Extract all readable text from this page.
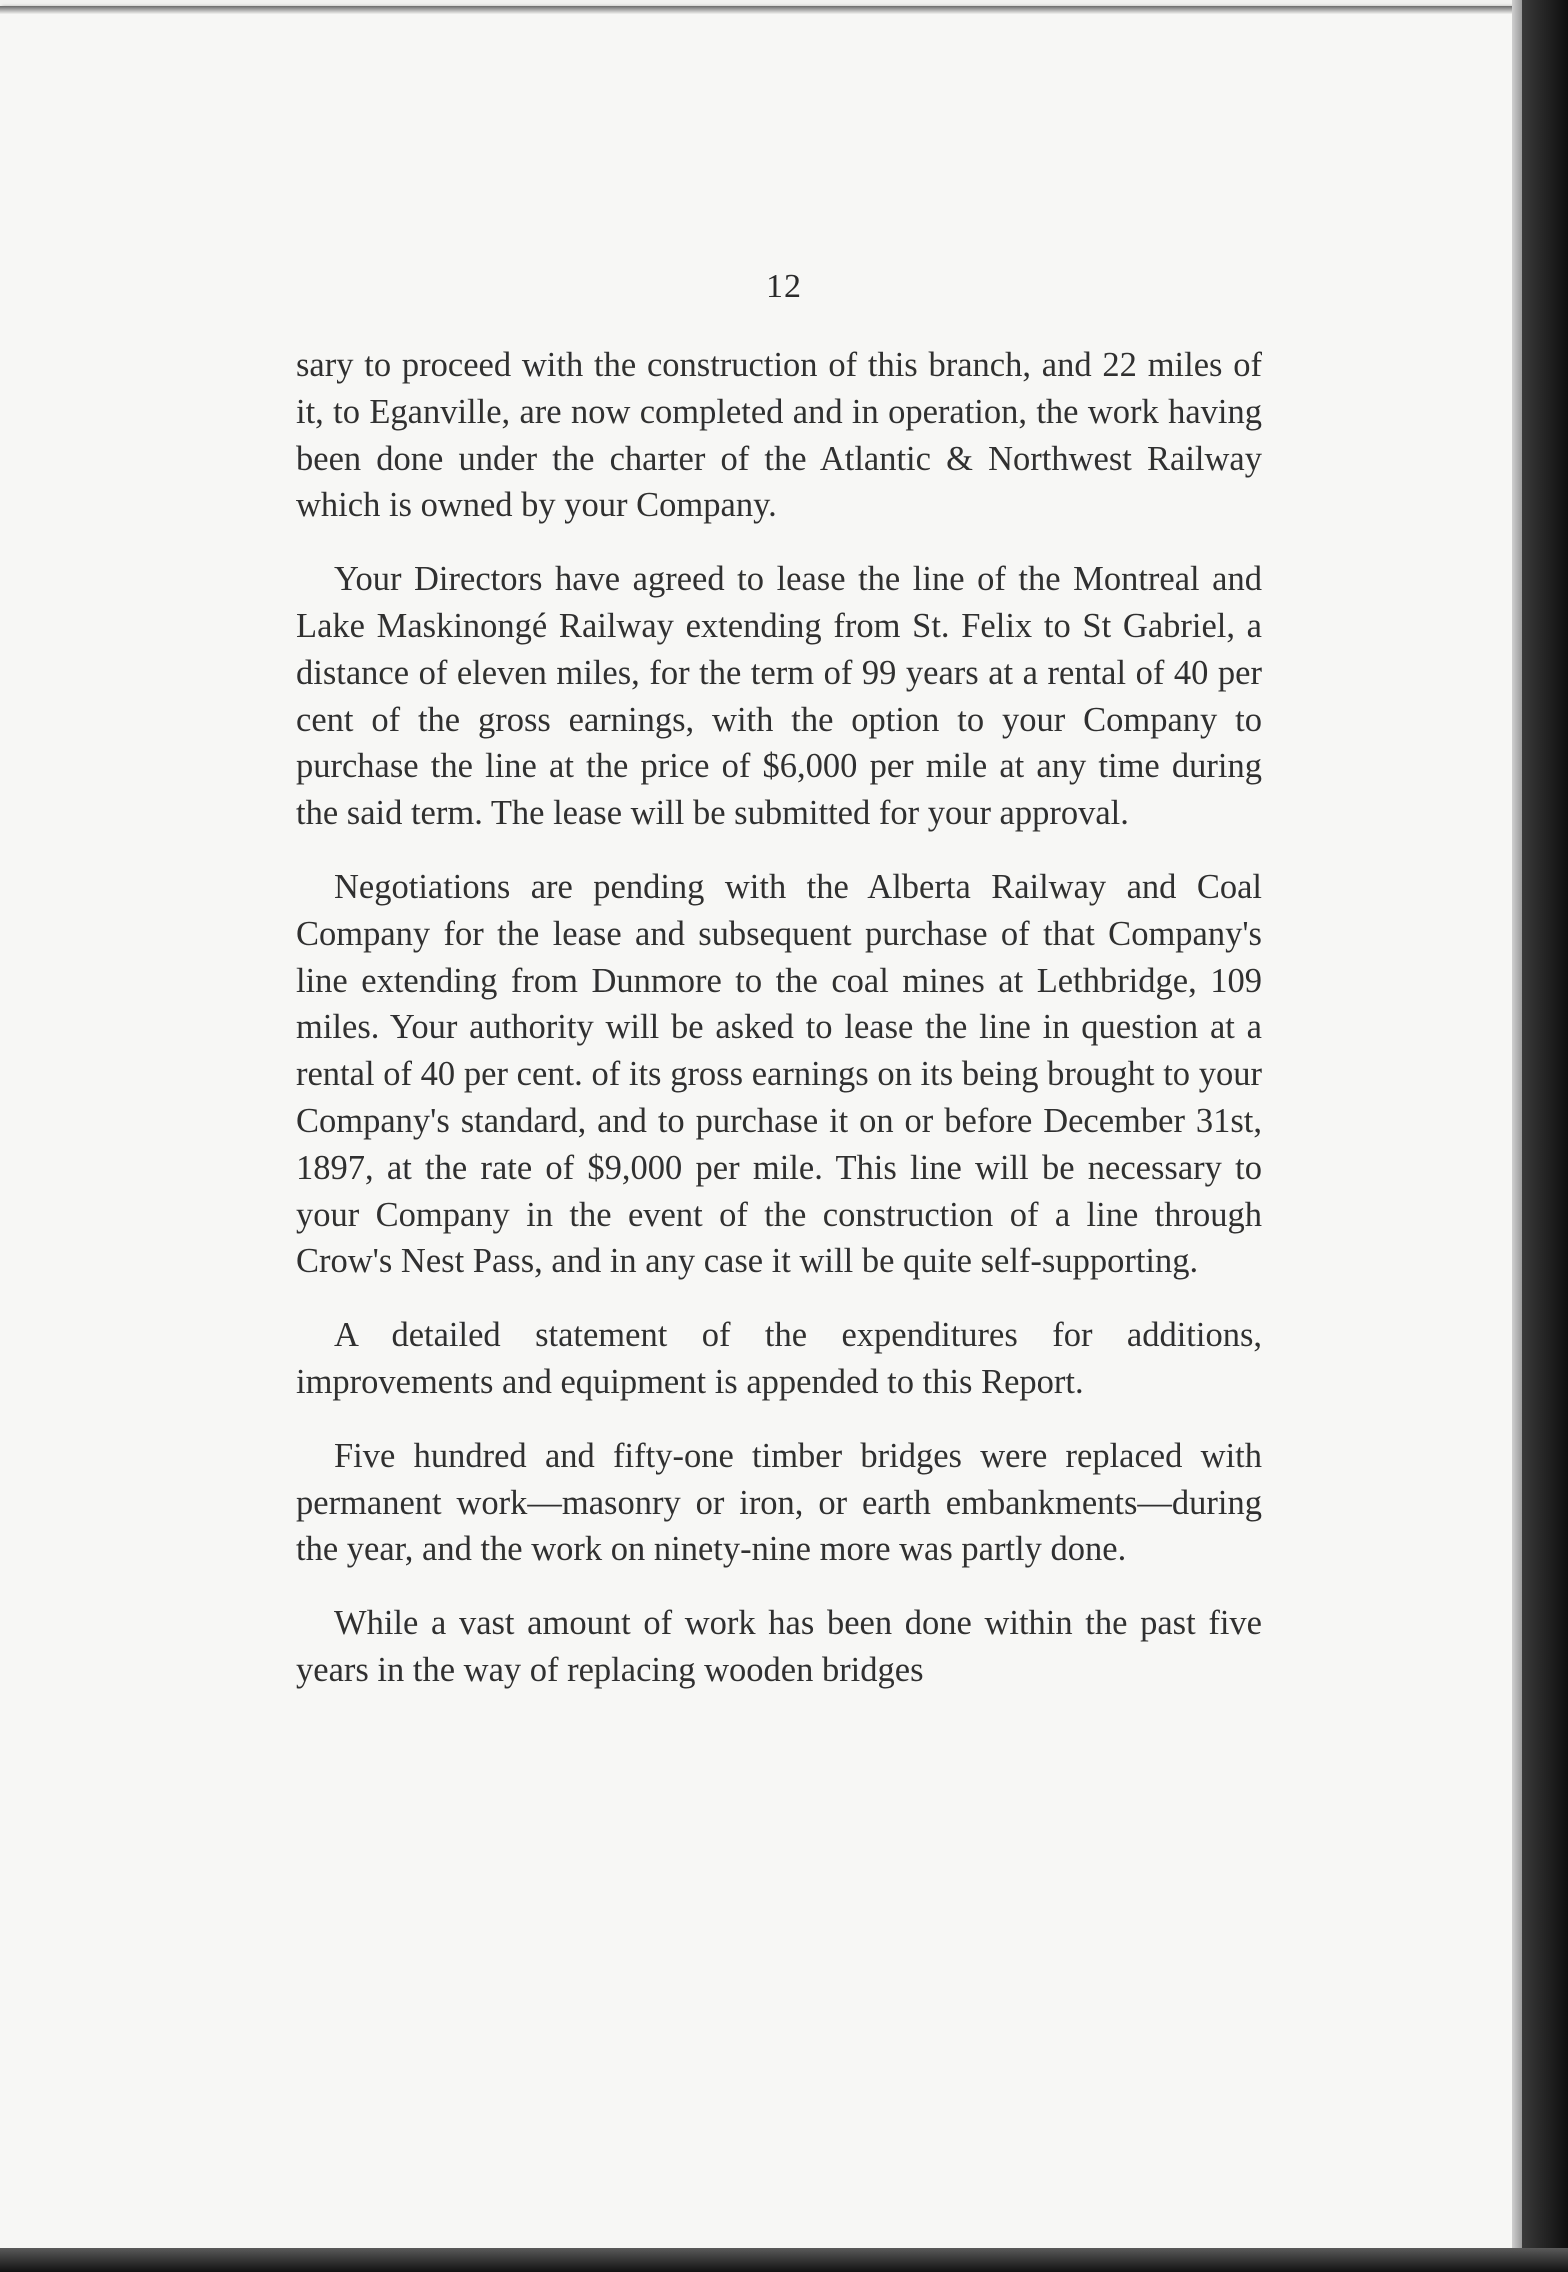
12

sary to proceed with the construction of this branch, and 22 miles of it, to Eganville, are now completed and in operation, the work having been done under the charter of the Atlantic & Northwest Railway which is owned by your Company.

Your Directors have agreed to lease the line of the Montreal and Lake Maskinongé Railway extending from St. Felix to St Gabriel, a distance of eleven miles, for the term of 99 years at a rental of 40 per cent of the gross earnings, with the option to your Company to purchase the line at the price of $6,000 per mile at any time during the said term. The lease will be submitted for your approval.

Negotiations are pending with the Alberta Railway and Coal Company for the lease and subsequent purchase of that Company's line extending from Dunmore to the coal mines at Lethbridge, 109 miles. Your authority will be asked to lease the line in question at a rental of 40 per cent. of its gross earnings on its being brought to your Company's standard, and to purchase it on or before December 31st, 1897, at the rate of $9,000 per mile. This line will be necessary to your Company in the event of the construction of a line through Crow's Nest Pass, and in any case it will be quite self-supporting.

A detailed statement of the expenditures for additions, improvements and equipment is appended to this Report.

Five hundred and fifty-one timber bridges were replaced with permanent work—masonry or iron, or earth embankments—during the year, and the work on ninety-nine more was partly done.

While a vast amount of work has been done within the past five years in the way of replacing wooden bridges
